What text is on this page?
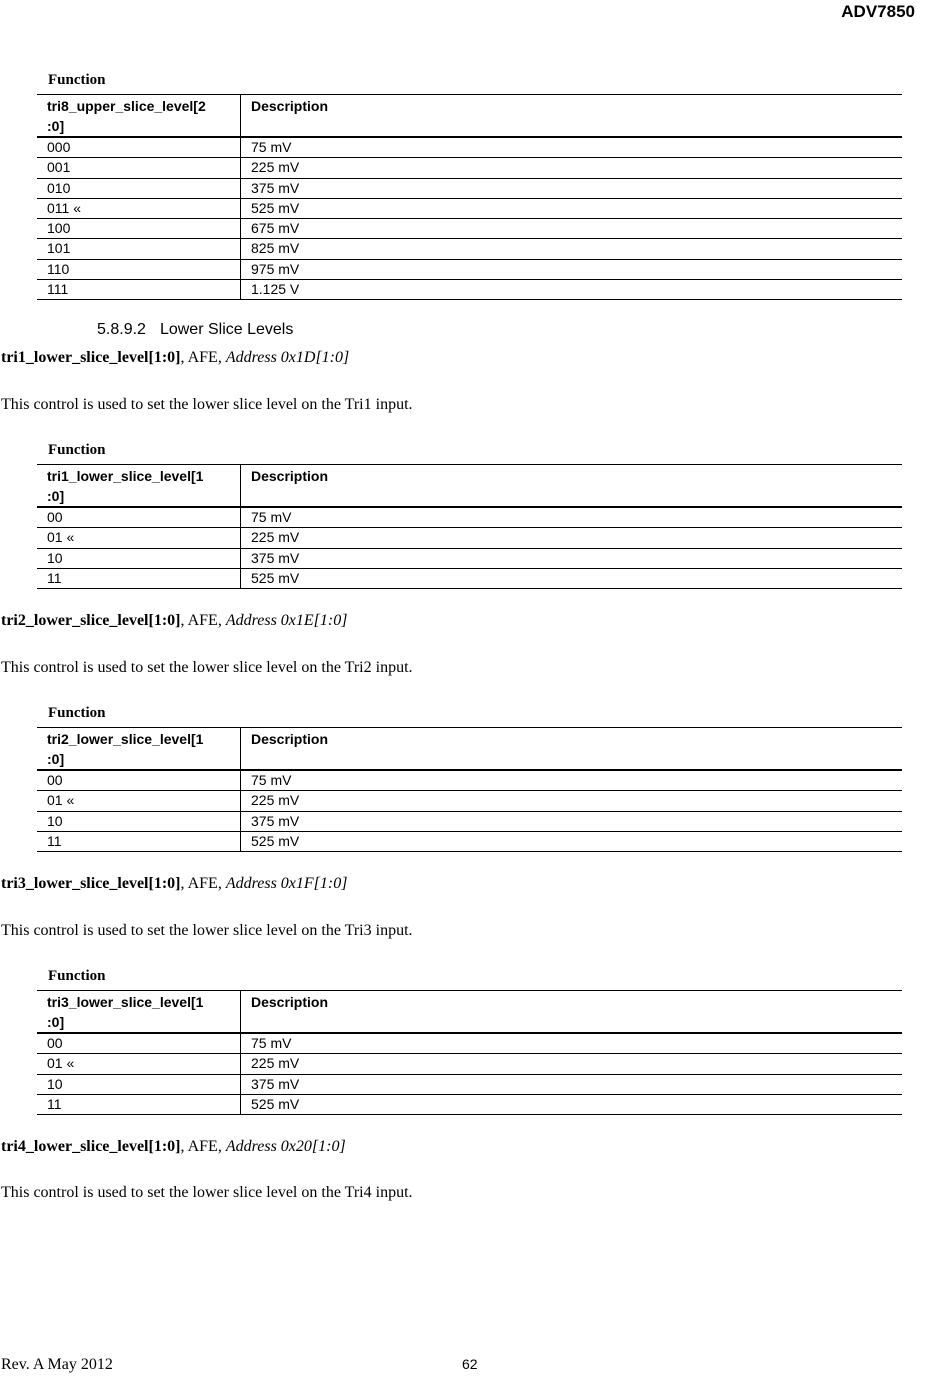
ADV7850
Function
tri8_upper_slice_level[2
:0]	Description
000	75 mV
001	225 mV
010	375 mV
011 «	525 mV
100	675 mV
101	825 mV
110	975 mV
111	1.125 V
5.8.9.2 Lower Slice Levels
tri1_lower_slice_level[1:0], AFE, Address 0x1D[1:0]
This control is used to set the lower slice level on the Tri1 input.
Function
tri1_lower_slice_level[1
:0]	Description
00	75 mV
01 «	225 mV
10	375 mV
11	525 mV
tri2_lower_slice_level[1:0], AFE, Address 0x1E[1:0]
This control is used to set the lower slice level on the Tri2 input.
Function
tri2_lower_slice_level[1
:0]	Description
00	75 mV
01 «	225 mV
10	375 mV
11	525 mV
tri3_lower_slice_level[1:0], AFE, Address 0x1F[1:0]
This control is used to set the lower slice level on the Tri3 input.
Function
tri3_lower_slice_level[1
:0]	Description
00	75 mV
01 «	225 mV
10	375 mV
11	525 mV
tri4_lower_slice_level[1:0], AFE, Address 0x20[1:0]
This control is used to set the lower slice level on the Tri4 input.
Rev. A May 2012	62
